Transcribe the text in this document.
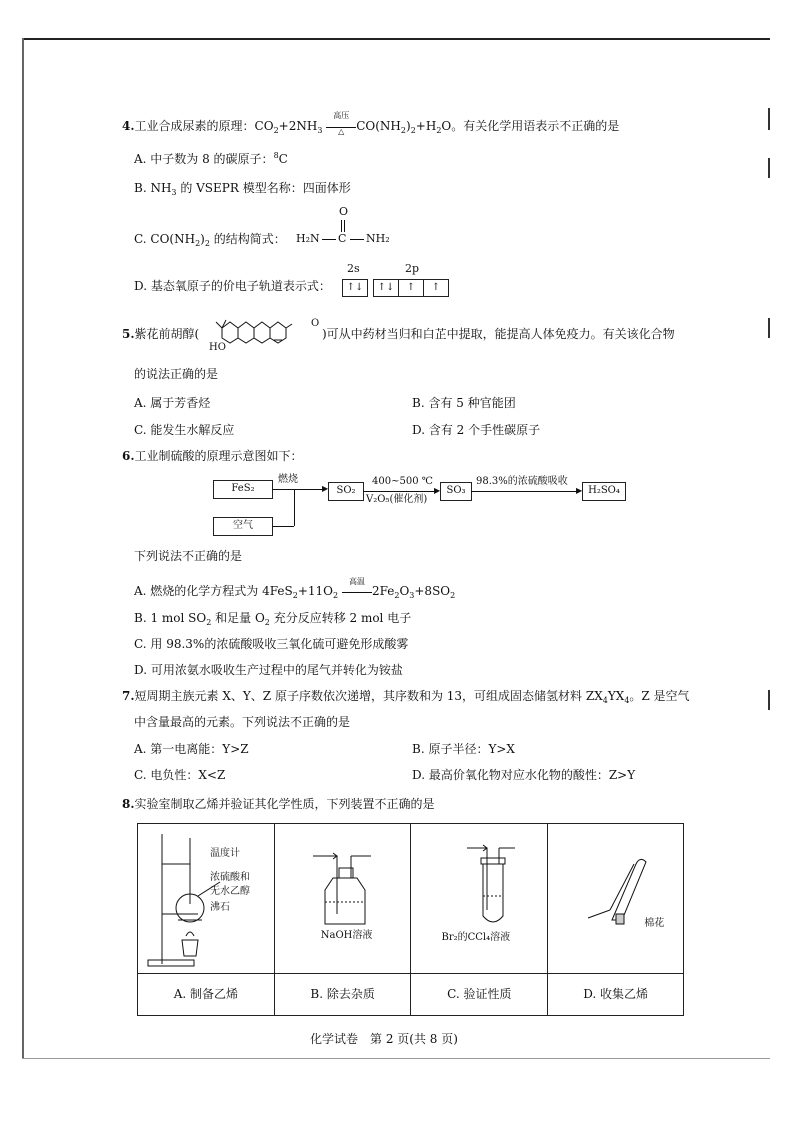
4.工业合成尿素的原理：$CO_2+2NH_3$
高压
△ $CO(NH_2)_2+H_2O$。有关化学用语表示不正确的是
A. 中子数为 8 的碳原子：$^8$C
B. $NH_3$ 的 VSEPR 模型名称：四面体形
C. $CO(NH_2)_2$ 的结构简式：
O
H₂N C NH₂
D. 基态氧原子的价电子轨道表示式：
2s	2p
↑↓	↑↓	↑	↑
5.紫花前胡醇(
HO
O
)可从中药材当归和白芷中提取，能提高人体免疫力。有关该化合物
的说法正确的是
A. 属于芳香烃	B. 含有 5 种官能团
C. 能发生水解反应	D. 含有 2 个手性碳原子
6.工业制硫酸的原理示意图如下：
FeS₂
空气
SO₂	SO₃	H₂SO₄
▶	▶	▶
燃烧	400~500 ℃
V₂O₅(催化剂)
98.3%的浓硫酸吸收
下列说法不正确的是
A. 燃烧的化学方程式为 $4FeS_2+11O_2$
高温
$2Fe_2O_3+8SO_2$
B. 1 mol $SO_2$ 和足量 $O_2$ 充分反应转移 2 mol 电子
C. 用 98.3%的浓硫酸吸收三氧化硫可避免形成酸雾
D. 可用浓氨水吸收生产过程中的尾气并转化为铵盐
7.短周期主族元素 X、Y、Z 原子序数依次递增，其序数和为 13，可组成固态储氢材料 $ZX_4YX_4$。Z 是空气
中含量最高的元素。下列说法不正确的是
A. 第一电离能：Y>Z	B. 原子半径：Y>X
C. 电负性：X<Z	D. 最高价氧化物对应水化物的酸性：Z>Y
8.实验室制取乙烯并验证其化学性质，下列装置不正确的是
温度计
浓硫酸和
无水乙醇
沸石	NaOH溶液	Br₂的CCl₄溶液	棉花

A. 制备乙烯	B. 除去杂质	C. 验证性质	D. 收集乙烯
化学试卷　第 2 页(共 8 页)
